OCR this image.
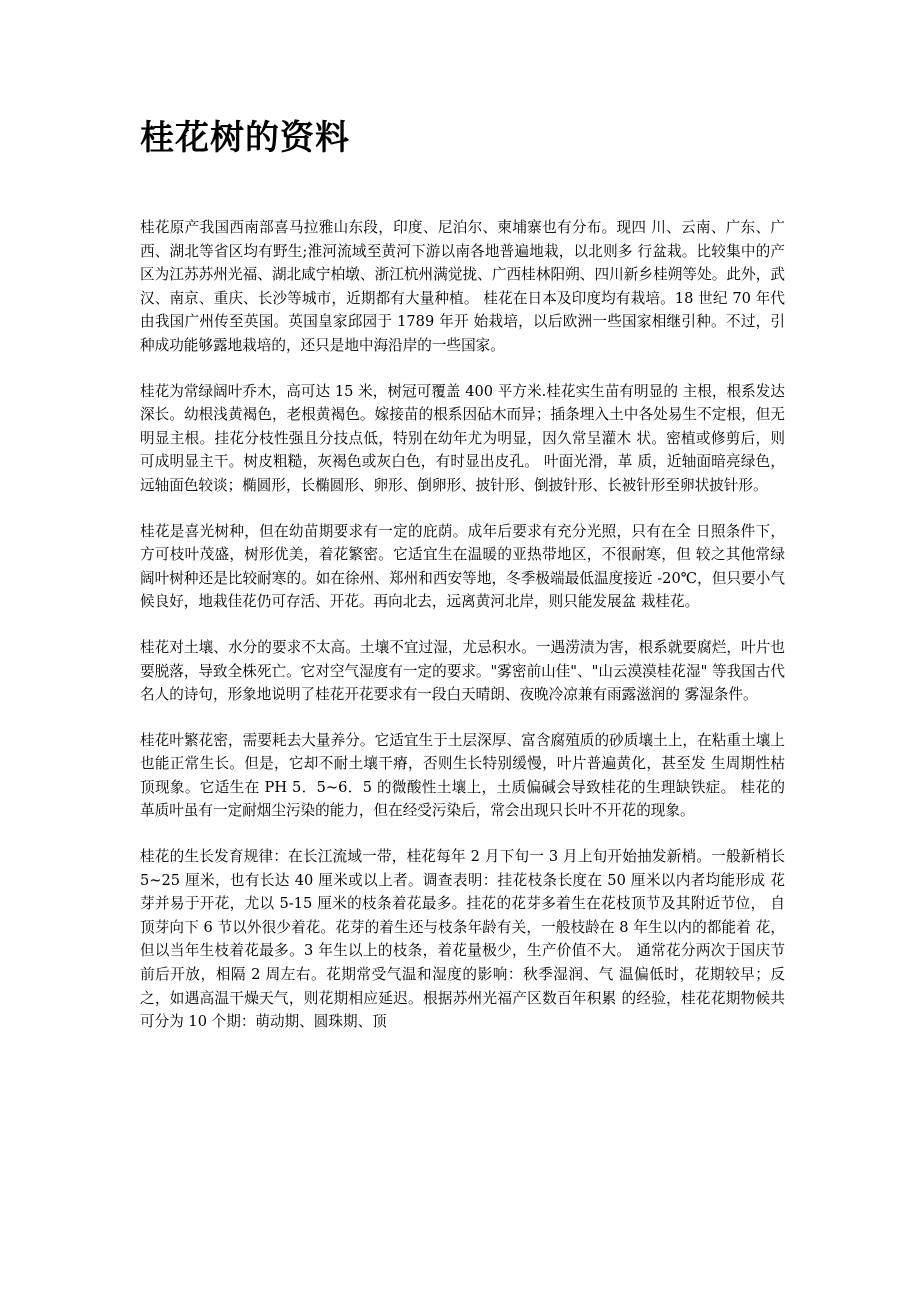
桂花树的资料

桂花原产我国西南部喜马拉雅山东段，印度、尼泊尔、柬埔寨也有分布。现四 川、云南、广东、广西、湖北等省区均有野生;淮河流域至黄河下游以南各地普遍地栽，以北则多 行盆栽。比较集中的产区为江苏苏州光福、湖北咸宁柏墩、浙江杭州满觉拢、广西桂林阳朔、四川新乡桂朔等处。此外，武汉、南京、重庆、长沙等城市，近期都有大量种植。 桂花在日本及印度均有栽培。18 世纪 70 年代由我国广州传至英国。英国皇家邱园于 1789 年开 始栽培，以后欧洲一些国家相继引种。不过，引种成功能够露地栽培的，还只是地中海沿岸的一些国家。

桂花为常绿阔叶乔木，高可达 15 米，树冠可覆盖 400 平方米.桂花实生苗有明显的 主根，根系发达深长。幼根浅黄褐色，老根黄褐色。嫁接苗的根系因砧木而异；插条埋入土中各处易生不定根，但无明显主根。挂花分枝性强且分技点低，特别在幼年尤为明显，因久常呈灌木 状。密植或修剪后，则可成明显主干。树皮粗糙，灰褐色或灰白色，有时显出皮孔。 叶面光滑，革 质，近轴面暗亮绿色，远轴面色较谈；椭圆形，长椭圆形、卵形、倒卵形、披针形、倒披针形、长被针形至卵状披针形。

桂花是喜光树种，但在幼苗期要求有一定的庇荫。成年后要求有充分光照，只有在全 日照条件下，方可枝叶茂盛，树形优美，着花繁密。它适宜生在温暖的亚热带地区，不很耐寒，但 较之其他常绿阔叶树种还是比较耐寒的。如在徐州、郑州和西安等地，冬季极端最低温度接近 -20℃，但只要小气候良好，地栽佳花仍可存活、开花。再向北去，远离黄河北岸，则只能发展盆 栽桂花。

桂花对土壤、水分的要求不太高。土壤不宜过湿，尤忌积水。一遇涝渍为害，根系就要腐烂，叶片也要脱落，导致全株死亡。它对空气湿度有一定的要求。"雾密前山佳"、"山云漠漠桂花湿" 等我国古代名人的诗句，形象地说明了桂花开花要求有一段白天晴朗、夜晚冷凉兼有雨露滋润的 雾湿条件。

桂花叶繁花密，需要耗去大量养分。它适宜生于土层深厚、富含腐殖质的砂质壤土上，在粘重土壤上也能正常生长。但是，它却不耐土壤干瘠，否则生长特别缓慢，叶片普遍黄化，甚至发 生周期性枯顶现象。它适生在 PH 5．5~6．5 的微酸性土壤上，土质偏碱会导致桂花的生理缺铁症。 桂花的革质叶虽有一定耐烟尘污染的能力，但在经受污染后，常会出现只长叶不开花的现象。

桂花的生长发育规律：在长江流域一带，桂花每年 2 月下旬一 3 月上旬开始抽发新梢。一般新梢长 5~25 厘米，也有长达 40 厘米或以上者。调查表明：挂花枝条长度在 50 厘米以内者均能形成 花芽并易于开花，尤以 5-15 厘米的枝条着花最多。挂花的花芽多着生在花枝顶节及其附近节位， 自顶芽向下 6 节以外很少着花。花芽的着生还与枝条年龄有关，一般枝龄在 8 年生以内的都能着 花，但以当年生枝着花最多。3 年生以上的枝条，着花量极少，生产价值不大。 通常花分两次于国庆节前后开放，相隔 2 周左右。花期常受气温和湿度的影响：秋季湿润、气 温偏低时，花期较早；反之，如遇高温干燥天气，则花期相应延迟。根据苏州光福产区数百年积累 的经验，桂花花期物候共可分为 10 个期：萌动期、圆珠期、顶
